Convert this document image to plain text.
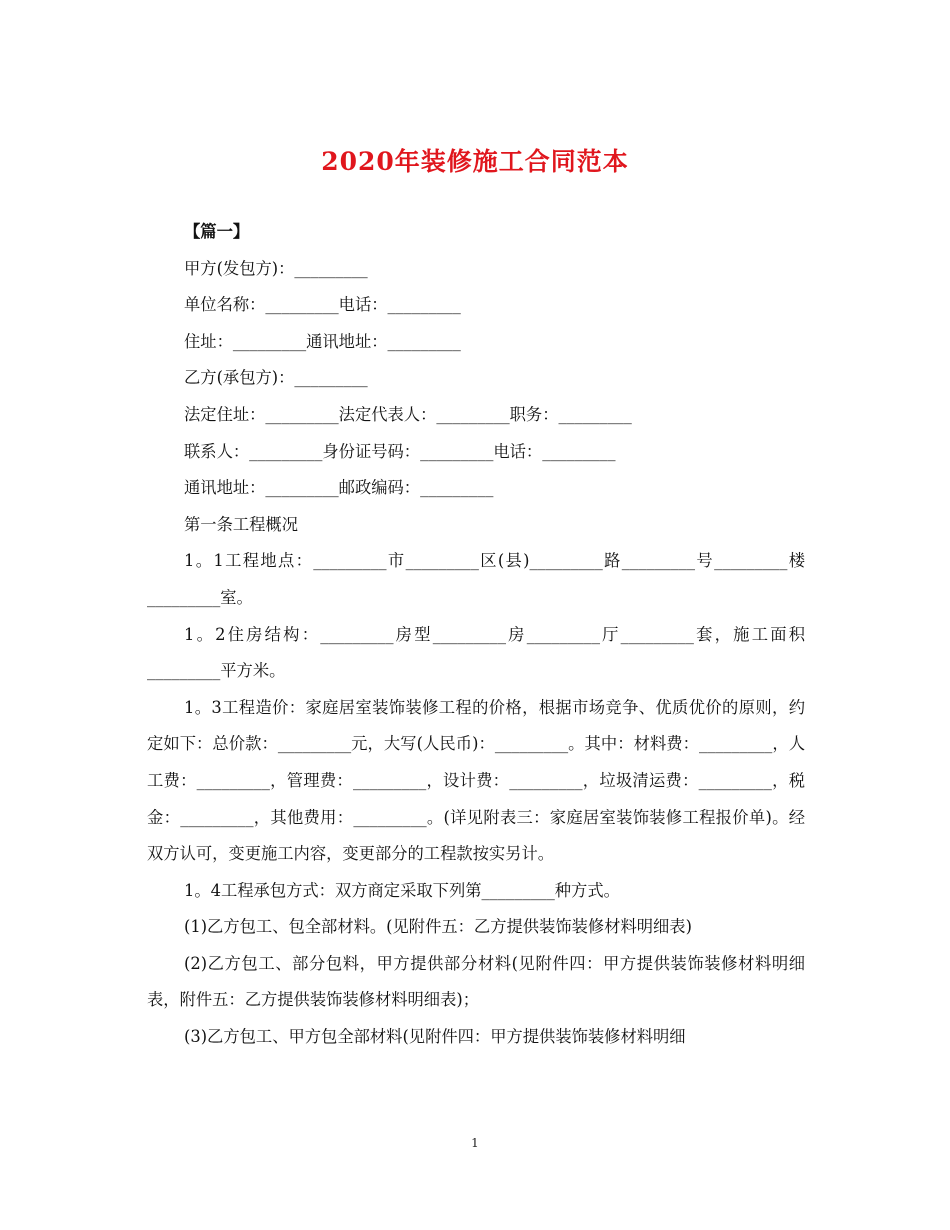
2020年装修施工合同范本

【篇一】

甲方(发包方)：_________

单位名称：_________电话：_________

住址：_________通讯地址：_________

乙方(承包方)：_________

法定住址：_________法定代表人：_________职务：_________

联系人：_________身份证号码：_________电话：_________

通讯地址：_________邮政编码：_________

第一条工程概况

1。1工程地点：_________市_________区(县)_________路_________号_________楼_________室。

1。2住房结构：_________房型_________房_________厅_________套，施工面积_________平方米。

1。3工程造价：家庭居室装饰装修工程的价格，根据市场竞争、优质优价的原则，约定如下：总价款：_________元，大写(人民币)：_________。其中：材料费：_________，人工费：_________，管理费：_________，设计费：_________，垃圾清运费：_________，税金：_________，其他费用：_________。(详见附表三：家庭居室装饰装修工程报价单)。经双方认可，变更施工内容，变更部分的工程款按实另计。

1。4工程承包方式：双方商定采取下列第_________种方式。

(1)乙方包工、包全部材料。(见附件五：乙方提供装饰装修材料明细表)

(2)乙方包工、部分包料，甲方提供部分材料(见附件四：甲方提供装饰装修材料明细表，附件五：乙方提供装饰装修材料明细表)；

(3)乙方包工、甲方包全部材料(见附件四：甲方提供装饰装修材料明细

1
